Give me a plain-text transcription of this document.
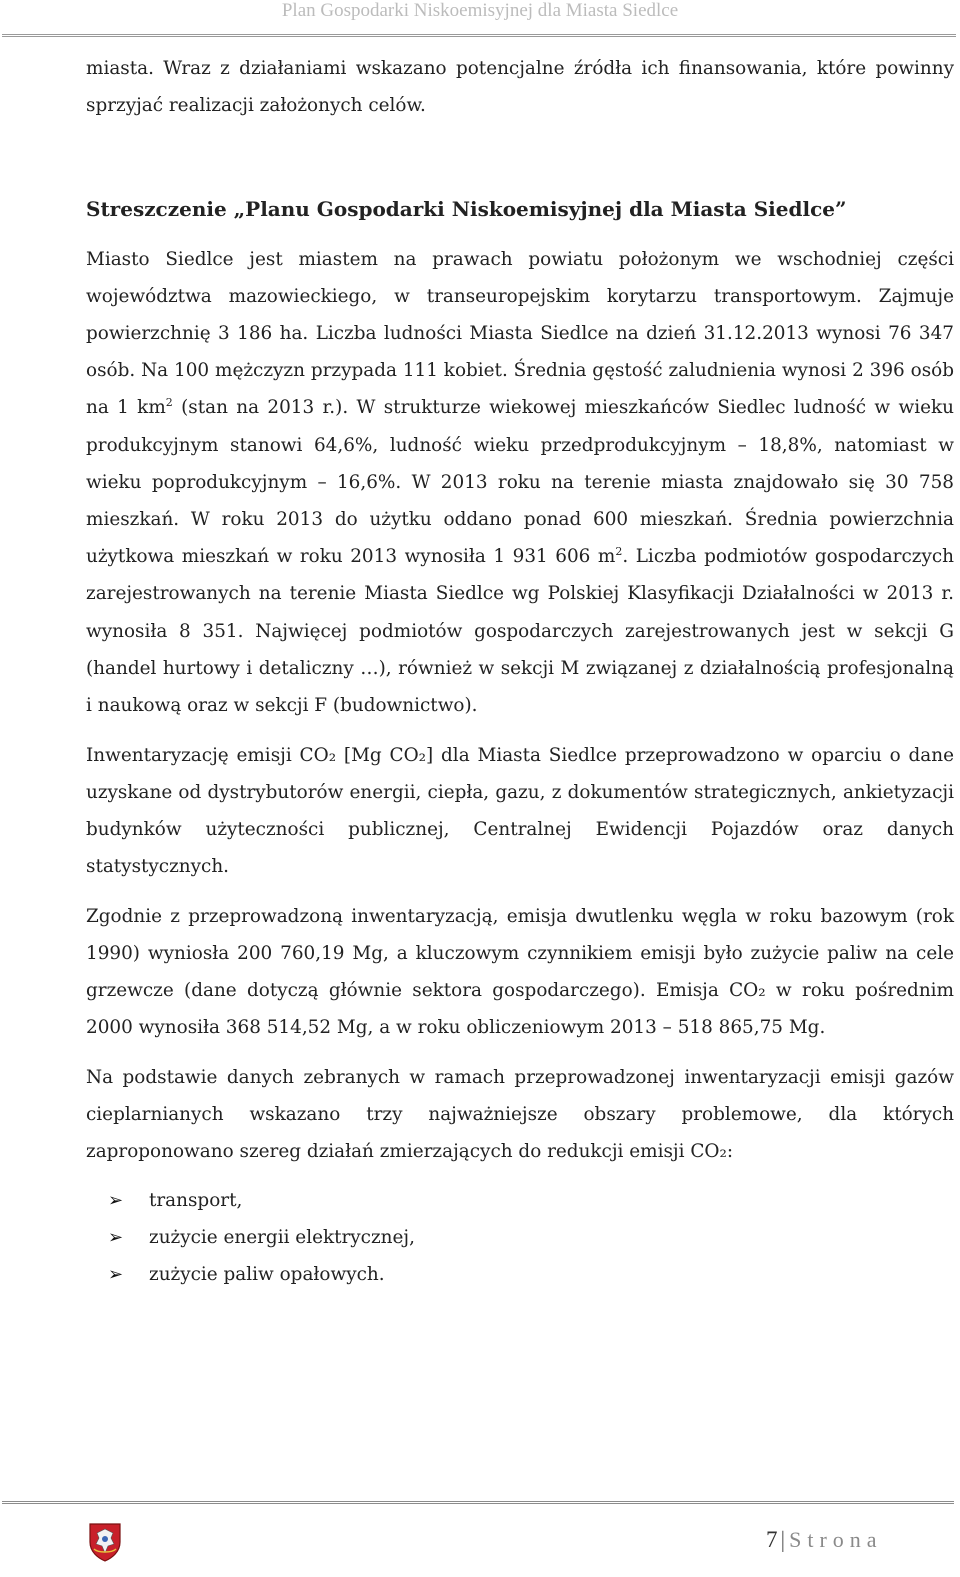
Plan Gospodarki Niskoemisyjnej dla Miasta Siedlce

miasta. Wraz z działaniami wskazano potencjalne źródła ich finansowania, które powinny sprzyjać realizacji założonych celów.

Streszczenie „Planu Gospodarki Niskoemisyjnej dla Miasta Siedlce”

Miasto Siedlce jest miastem na prawach powiatu położonym we wschodniej części województwa mazowieckiego, w transeuropejskim korytarzu transportowym. Zajmuje powierzchnię 3 186 ha. Liczba ludności Miasta Siedlce na dzień 31.12.2013 wynosi 76 347 osób. Na 100 mężczyzn przypada 111 kobiet. Średnia gęstość zaludnienia wynosi 2 396 osób na 1 $km^2$ (stan na 2013 r.). W strukturze wiekowej mieszkańców Siedlec ludność w wieku produkcyjnym stanowi 64,6%, ludność wieku przedprodukcyjnym – 18,8%, natomiast w wieku poprodukcyjnym – 16,6%. W 2013 roku na terenie miasta znajdowało się 30 758 mieszkań. W roku 2013 do użytku oddano ponad 600 mieszkań. Średnia powierzchnia użytkowa mieszkań w roku 2013 wynosiła 1 931 606 $m^2$. Liczba podmiotów gospodarczych zarejestrowanych na terenie Miasta Siedlce wg Polskiej Klasyfikacji Działalności w 2013 r. wynosiła 8 351. Najwięcej podmiotów gospodarczych zarejestrowanych jest w sekcji G (handel hurtowy i detaliczny …), również w sekcji M związanej z działalnością profesjonalną i naukową oraz w sekcji F (budownictwo).

Inwentaryzację emisji CO₂ [Mg CO₂] dla Miasta Siedlce przeprowadzono w oparciu o dane uzyskane od dystrybutorów energii, ciepła, gazu, z dokumentów strategicznych, ankietyzacji budynków użyteczności publicznej, Centralnej Ewidencji Pojazdów oraz danych statystycznych.

Zgodnie z przeprowadzoną inwentaryzacją, emisja dwutlenku węgla w roku bazowym (rok 1990) wyniosła 200 760,19 Mg, a kluczowym czynnikiem emisji było zużycie paliw na cele grzewcze (dane dotyczą głównie sektora gospodarczego). Emisja CO₂ w roku pośrednim 2000 wynosiła 368 514,52 Mg, a w roku obliczeniowym 2013 – 518 865,75 Mg.

Na podstawie danych zebranych w ramach przeprowadzonej inwentaryzacji emisji gazów cieplarnianych wskazano trzy najważniejsze obszary problemowe, dla których zaproponowano szereg działań zmierzających do redukcji emisji CO₂:

➢ transport,
➢ zużycie energii elektrycznej,
➢ zużycie paliw opałowych.
7 | Strona
